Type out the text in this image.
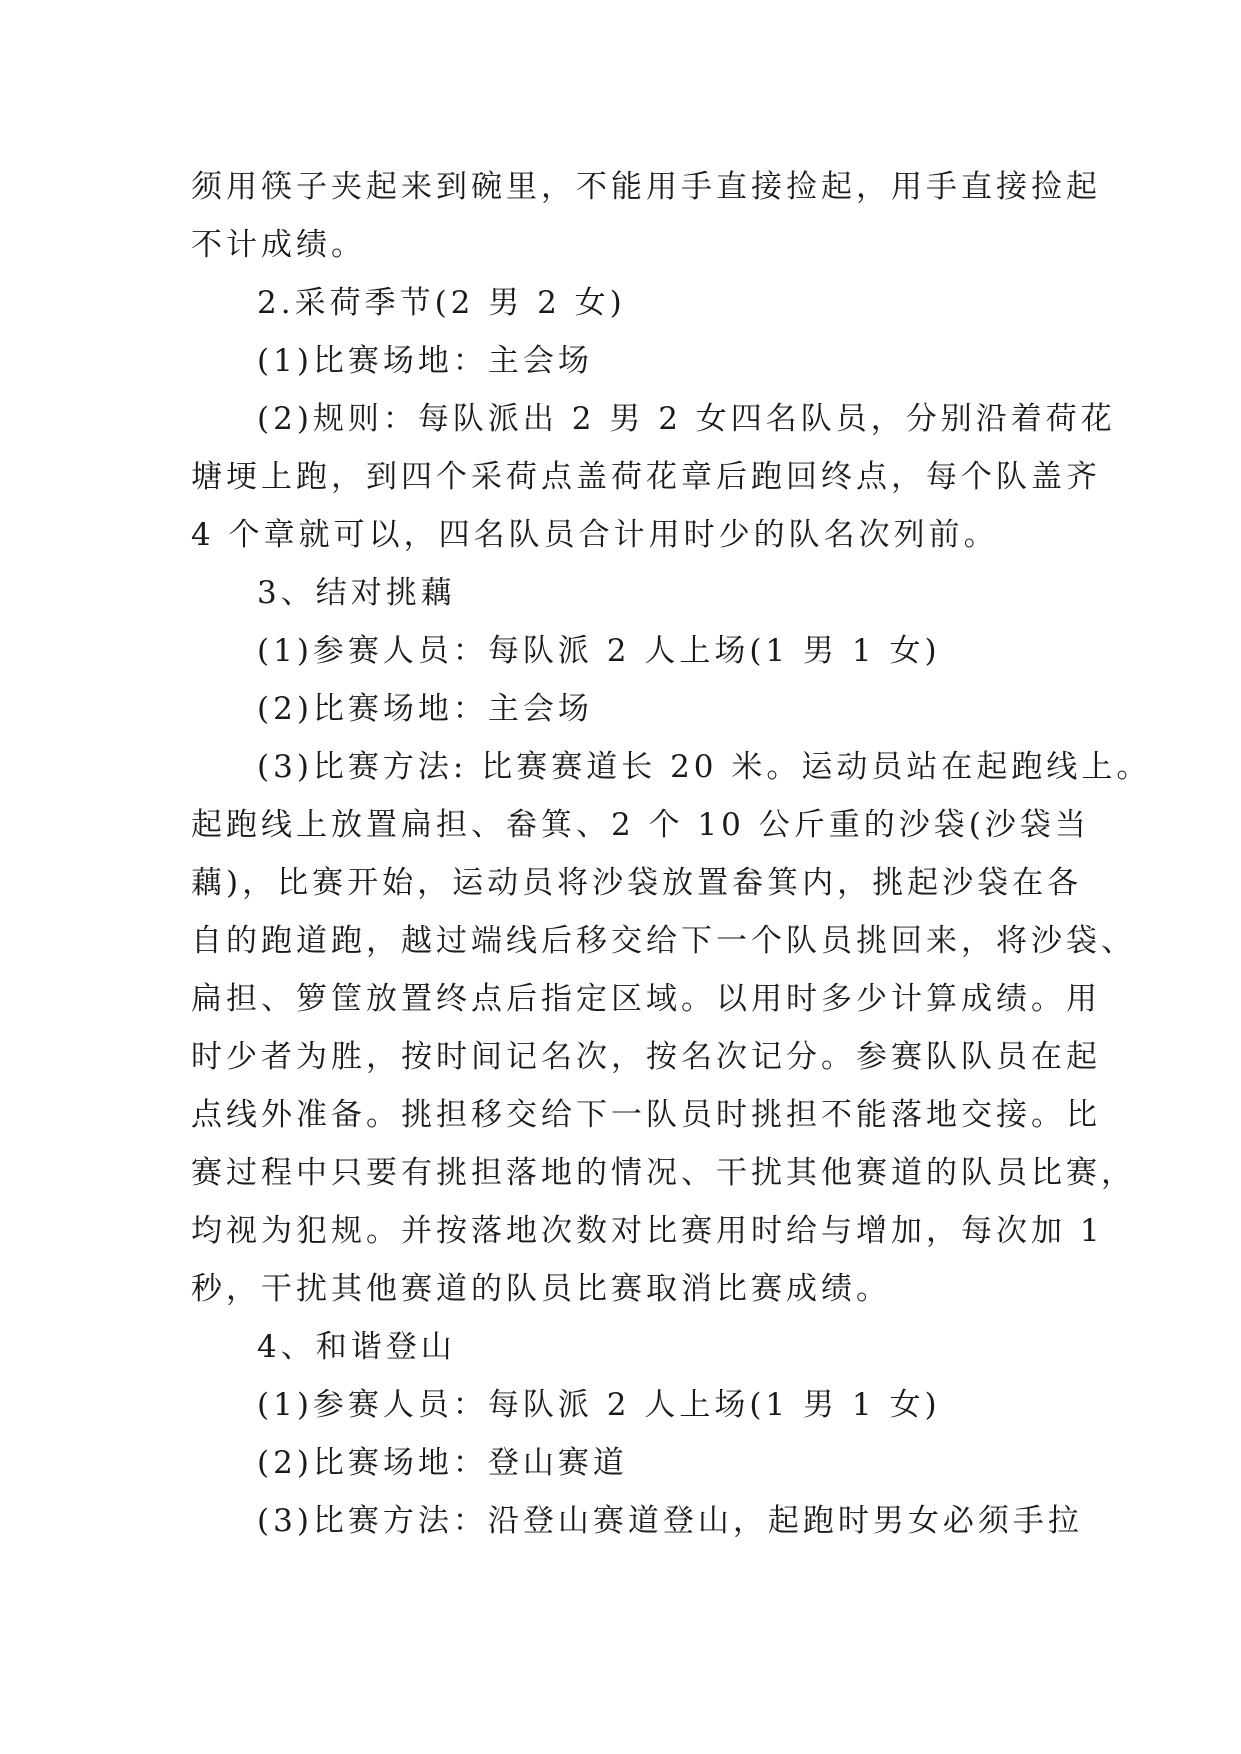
须用筷子夹起来到碗里，不能用手直接捡起，用手直接捡起
不计成绩。
2.采荷季节(2 男 2 女)
(1)比赛场地：主会场
(2)规则：每队派出 2 男 2 女四名队员，分别沿着荷花
塘埂上跑，到四个采荷点盖荷花章后跑回终点，每个队盖齐
4 个章就可以，四名队员合计用时少的队名次列前。
3、结对挑藕
(1)参赛人员：每队派 2 人上场(1 男 1 女)
(2)比赛场地：主会场
(3)比赛方法: 比赛赛道长 20 米。运动员站在起跑线上。
起跑线上放置扁担、畚箕、2 个 10 公斤重的沙袋(沙袋当
藕)，比赛开始，运动员将沙袋放置畚箕内，挑起沙袋在各
自的跑道跑，越过端线后移交给下一个队员挑回来，将沙袋、
扁担、箩筐放置终点后指定区域。以用时多少计算成绩。用
时少者为胜，按时间记名次，按名次记分。参赛队队员在起
点线外准备。挑担移交给下一队员时挑担不能落地交接。比
赛过程中只要有挑担落地的情况、干扰其他赛道的队员比赛，
均视为犯规。并按落地次数对比赛用时给与增加，每次加 1
秒，干扰其他赛道的队员比赛取消比赛成绩。
4、和谐登山
(1)参赛人员：每队派 2 人上场(1 男 1 女)
(2)比赛场地：登山赛道
(3)比赛方法：沿登山赛道登山，起跑时男女必须手拉
